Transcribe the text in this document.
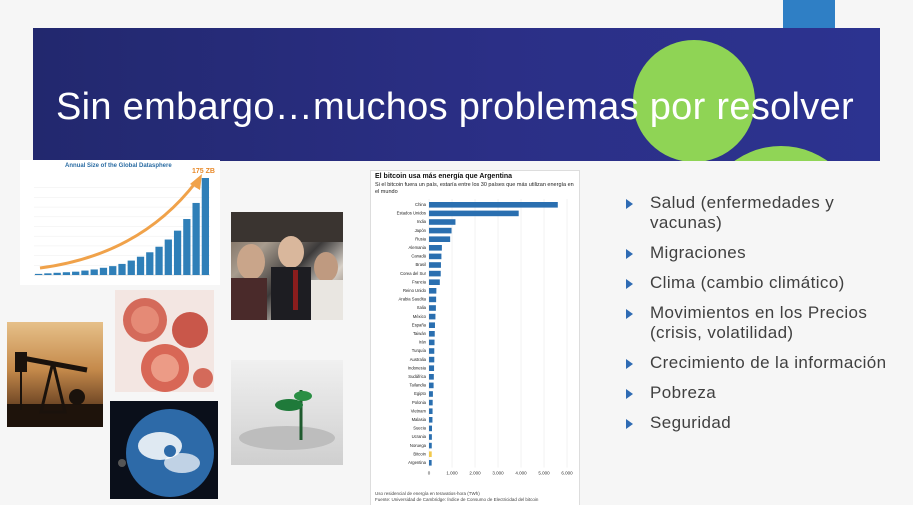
Sin embargo…muchos problemas por resolver
Annual Size of the Global Datasphere
175 ZB
El bitcoin usa más energía que Argentina
Si el bitcoin fuera un país, estaría entre los 30 países que más utilizan energía en el mundo
0	1.000	2.000	3.000	4.000	5.000	6.000
China
Estados Unidos
India
Japón
Rusia
Alemania
Canadá
Brasil
Corea del Sur
Francia
Reino Unido
Arabia Saudita
Italia
México
España
Taiwán
Irán
Turquía
Australia
Indonesia
Sudáfrica
Tailandia
Egipto
Polonia
Vietnam
Malasia
Suecia
Ucrania
Noruega
Bitcoin
Argentina
Uso residencial de energía en teravatios-hora (TWh)
Fuente: Universidad de Cambridge: Índice de Consumo de Electricidad del bitcoin
Salud (enfermedades y vacunas)
Migraciones
Clima (cambio climático)
Movimientos en los Precios (crisis, volatilidad)
Crecimiento de la información
Pobreza
Seguridad
